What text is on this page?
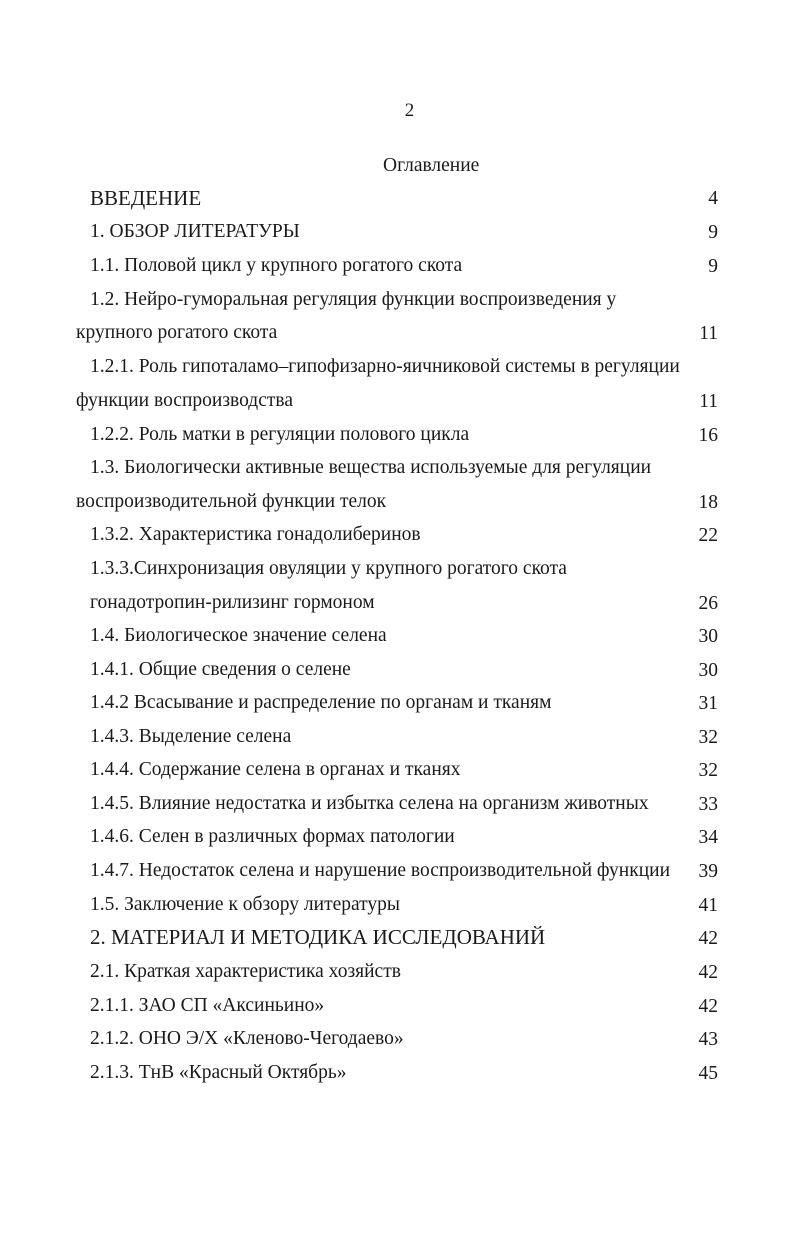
2
Оглавление
ВВЕДЕНИЕ	4
1. ОБЗОР ЛИТЕРАТУРЫ	9
1.1. Половой цикл у крупного рогатого скота	9
1.2. Нейро-гуморальная регуляция функции воспроизведения у
крупного рогатого скота	11
1.2.1. Роль гипоталамо–гипофизарно-яичниковой системы в регуляции
функции воспроизводства	11
1.2.2. Роль матки в регуляции полового цикла	16
1.3. Биологически активные вещества используемые для регуляции
воспроизводительной функции телок	18
1.3.2. Характеристика гонадолиберинов	22
1.3.3.Синхронизация овуляции у крупного рогатого скота
гонадотропин-рилизинг гормоном	26
1.4. Биологическое значение селена	30
1.4.1. Общие сведения о селене	30
1.4.2 Всасывание и распределение по органам и тканям	31
1.4.3. Выделение селена	32
1.4.4. Содержание селена в органах и тканях	32
1.4.5. Влияние недостатка и избытка селена на организм животных	33
1.4.6. Селен в различных формах патологии	34
1.4.7. Недостаток селена и нарушение воспроизводительной функции	39
1.5. Заключение к обзору литературы	41
2. МАТЕРИАЛ И МЕТОДИКА ИССЛЕДОВАНИЙ	42
2.1. Краткая характеристика хозяйств	42
2.1.1. ЗАО СП «Аксиньино»	42
2.1.2. ОНО Э/Х «Кленово-Чегодаево»	43
2.1.3. ТнВ «Красный Октябрь»	45
